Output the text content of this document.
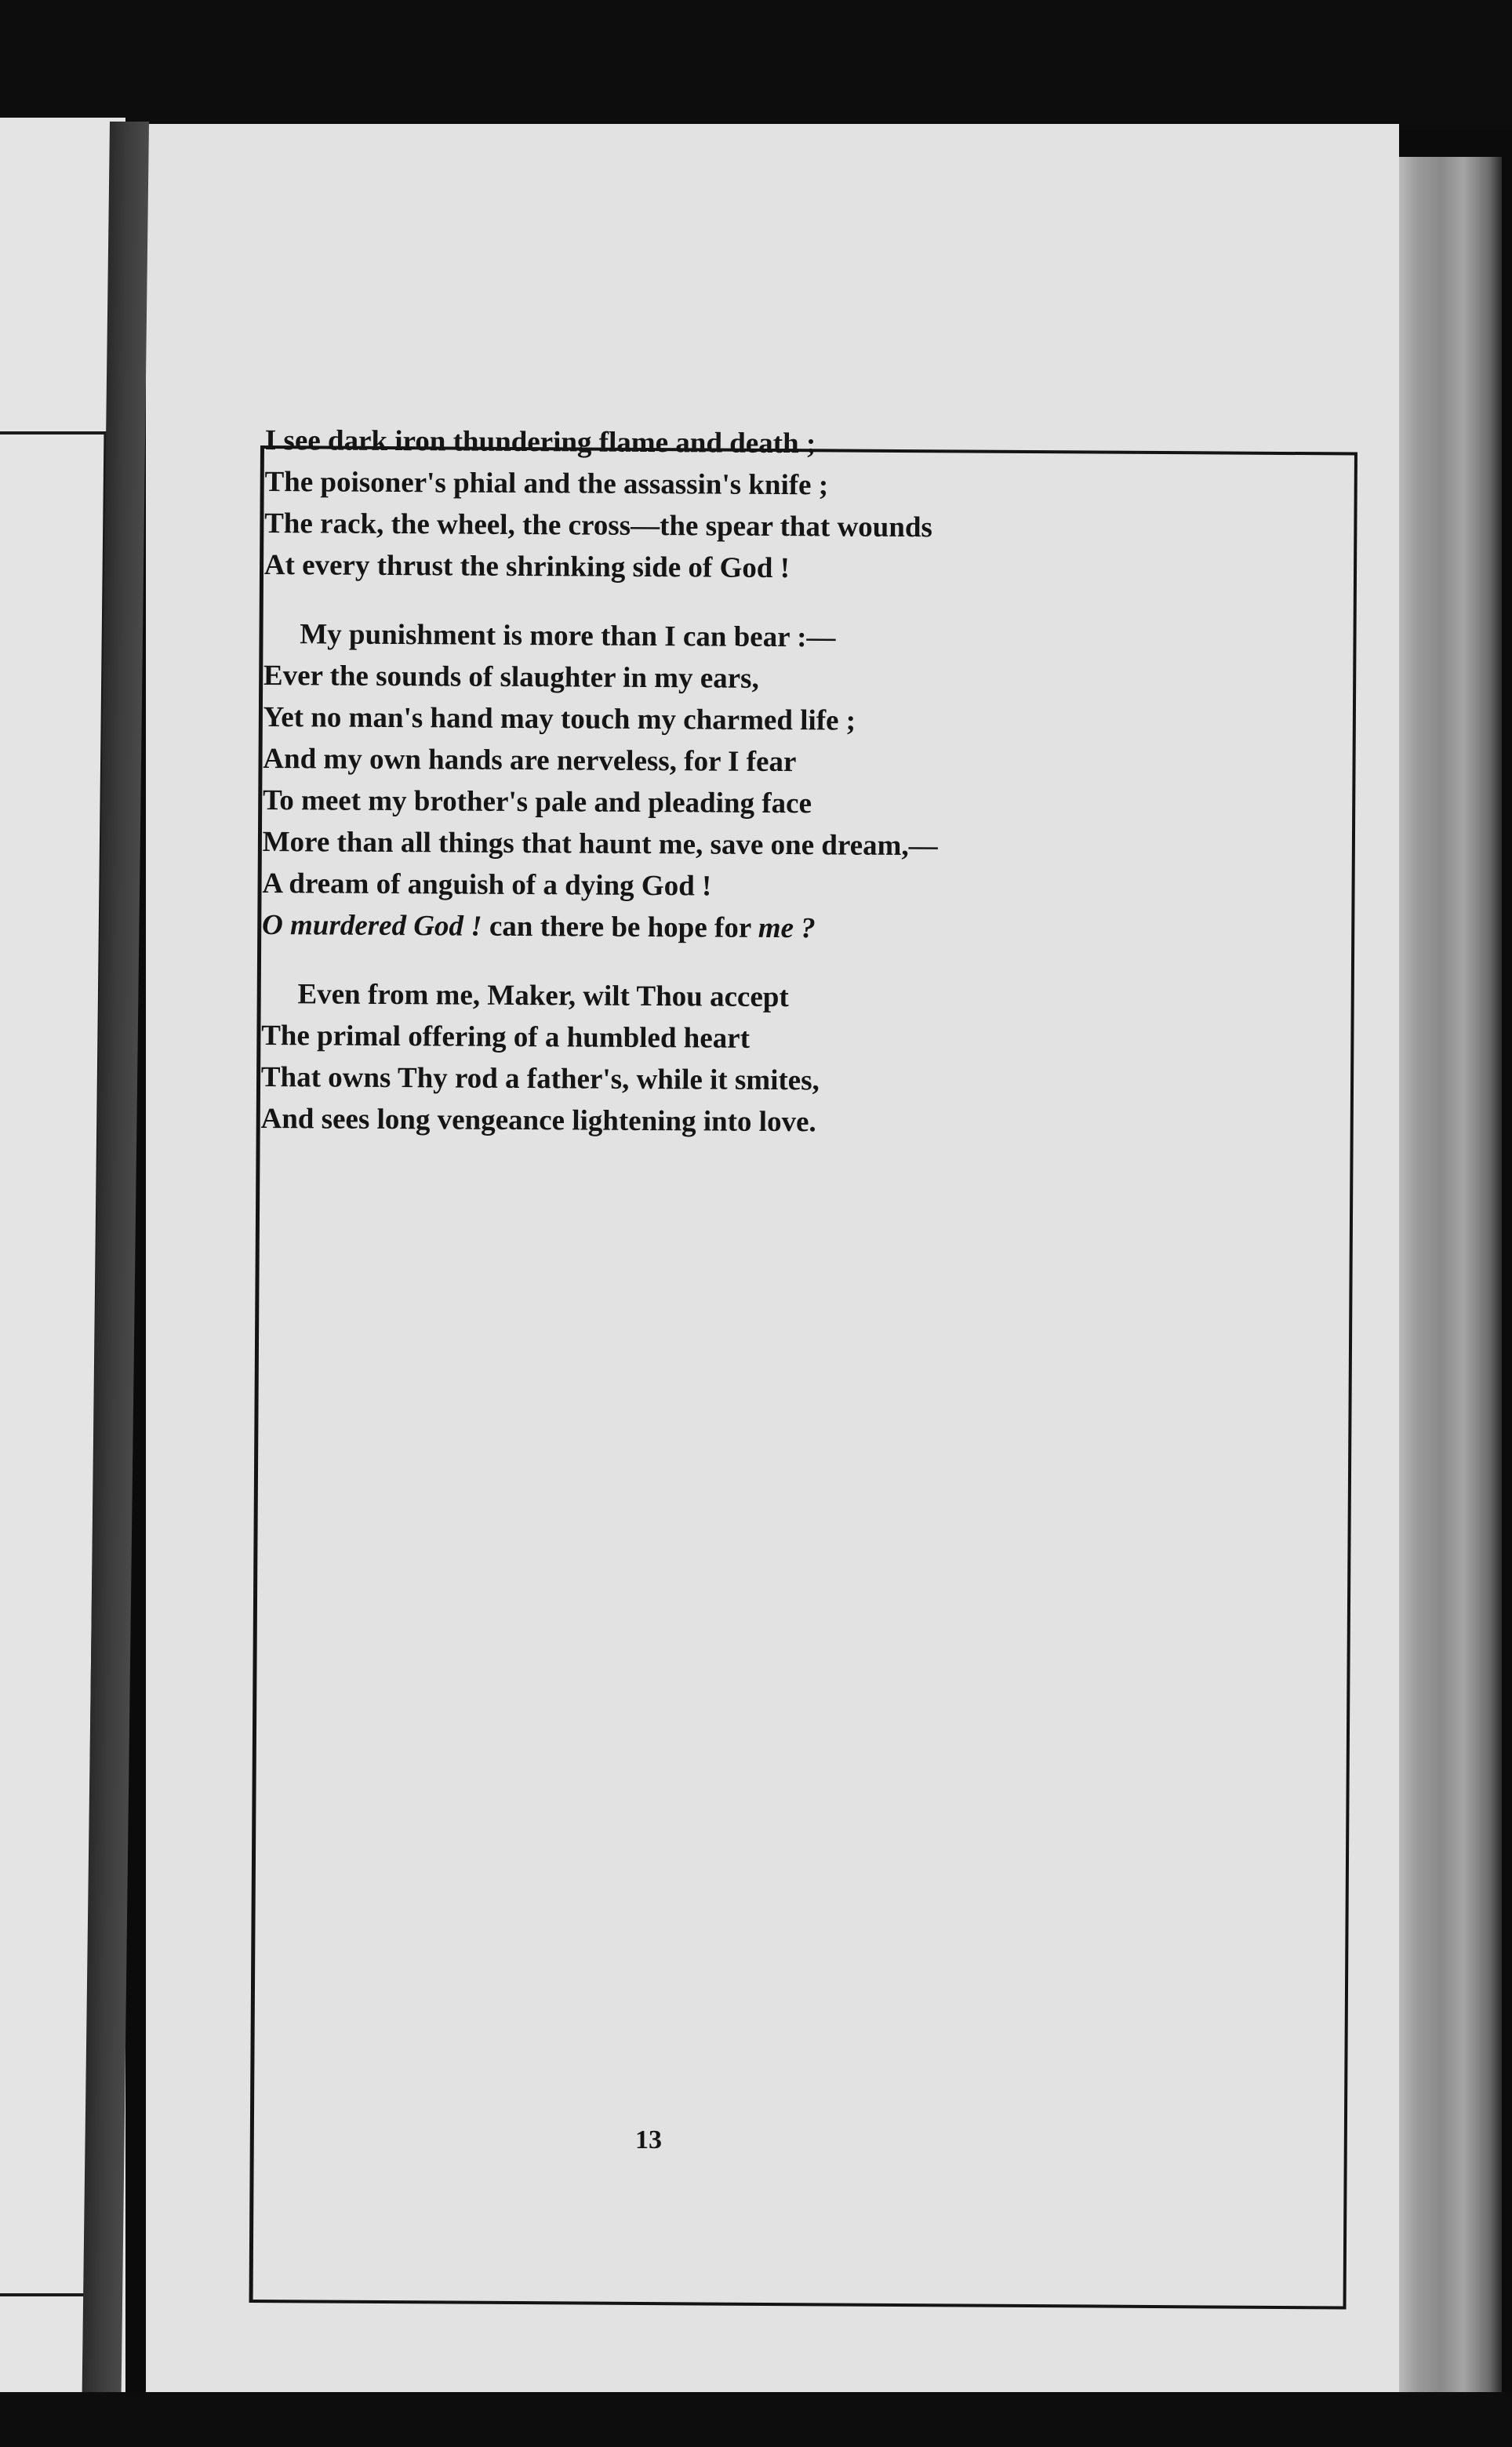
I see dark iron thundering flame and death ;
The poisoner's phial and the assassin's knife ;
The rack, the wheel, the cross—the spear that wounds
At every thrust the shrinking side of God !
My punishment is more than I can bear :—
Ever the sounds of slaughter in my ears,
Yet no man's hand may touch my charmed life ;
And my own hands are nerveless, for I fear
To meet my brother's pale and pleading face
More than all things that haunt me, save one dream,—
A dream of anguish of a dying God !
O murdered God ! can there be hope for me ?
Even from me, Maker, wilt Thou accept
The primal offering of a humbled heart
That owns Thy rod a father's, while it smites,
And sees long vengeance lightening into love.
13
